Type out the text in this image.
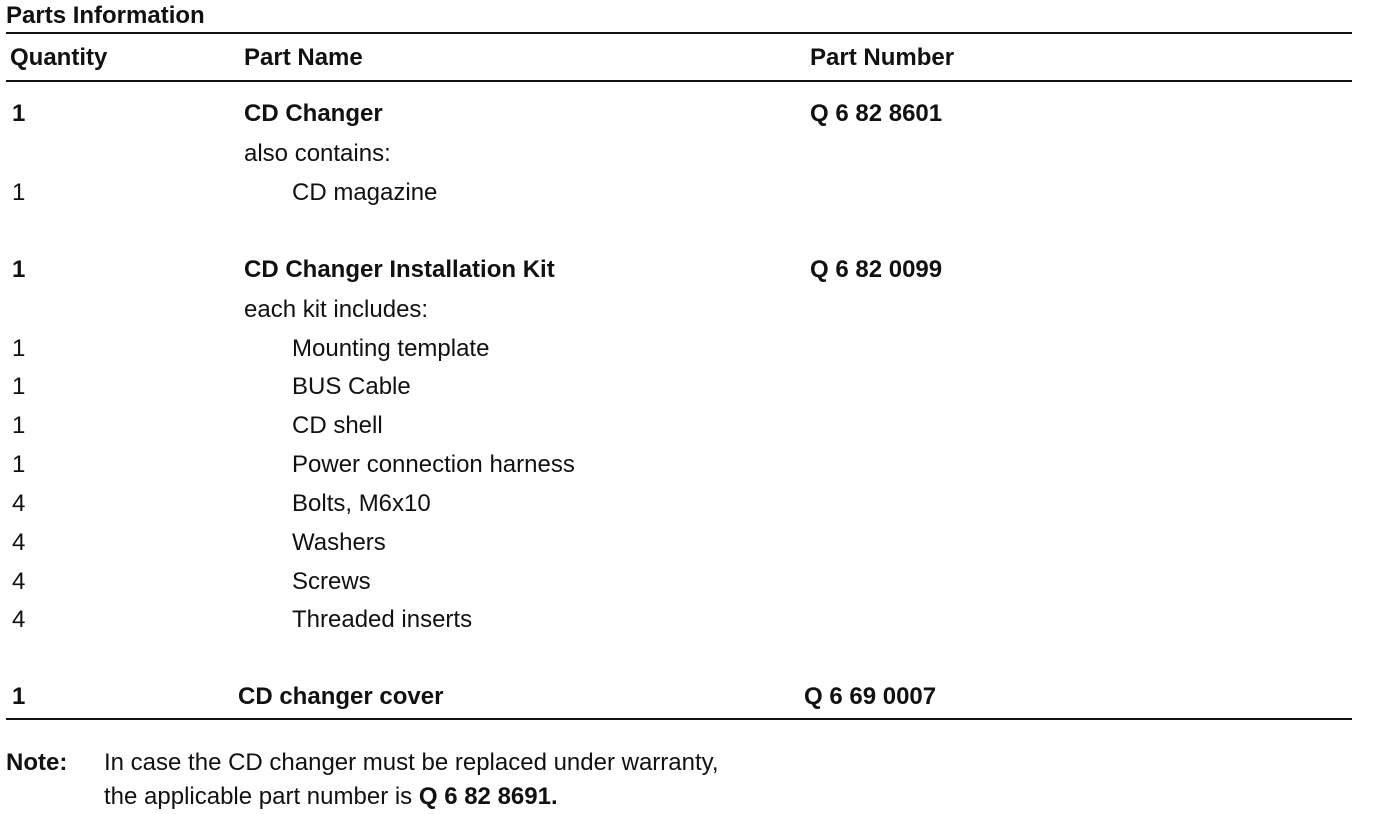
Parts Information
Quantity	Part Name	Part Number
1	CD Changer	Q 6 82 8601
also contains:
1	CD magazine
1	CD Changer Installation Kit	Q 6 82 0099
each kit includes:
1	Mounting template
1	BUS Cable
1	CD shell
1	Power connection harness
4	Bolts, M6x10
4	Washers
4	Screws
4	Threaded inserts
1	CD changer cover	Q 6 69 0007
Note: In case the CD changer must be replaced under warranty,
the applicable part number is Q 6 82 8691.
